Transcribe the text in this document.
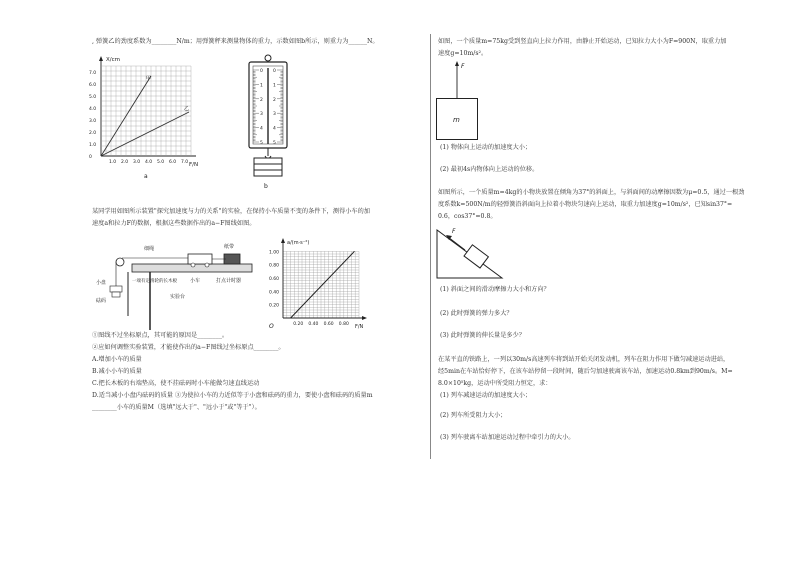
, 弹簧乙的劲度系数为________N/m；用弹簧秤来测量物体的重力，示数如图b所示，则重力为______N。
X/cm
7.0
6.0
5.0
4.0
3.0
2.0
1.0
0
1.0 2.0 3.0 4.0 5.0 6.0 7.0
甲
乙
F/N
a
0 0
1 1
2 2
3 3
4 4
5 5
b
某同学用如图所示装置"探究加速度与力的关系"的实验，在保持小车质量不变的条件下，测得小车的加
速度a和拉力F的数据，根据这些数据作出的a−F图线如图。
细绳	纸带
小车
小盘
砝码
一端有定滑轮的长木板
实验台
打点计时器
a/(m·s⁻²)
0.20
0.40
0.60
0.80
1.00
0.20 0.40 0.60 0.80
O	F/N
①图线不过坐标原点，其可能的原因是________。
②应如何调整实验装置，才能使作出的a−F图线过坐标原点________。
A.增加小车的质量
B.减小小车的质量
C.把长木板的右端垫高，使不挂砝码时小车能做匀速直线运动
D.适当减小小盘内砝码的质量 ③为使拉小车的力近似等于小盘和砝码的重力，要使小盘和砝码的质量m
________小车的质量M（选填"远大于"、"远小于"或"等于"）。
如图，一个质量m=75kg受到竖直向上拉力作用，由静止开始运动，已知拉力大小为F=900N，取重力加
速度g=10m/s²。
F
m
(1) 物体向上运动的加速度大小；
(2) 最初4s内物体向上运动的位移。
如图所示，一个质量m=4kg的小物块放置在倾角为37°的斜面上，与斜面间的动摩擦因数为μ=0.5，通过一根劲
度系数k=500N/m的轻弹簧沿斜面向上拉着小物块匀速向上运动，取重力加速度g=10m/s²，已知sin37°=
0.6，cos37°=0.8。
F
(1) 斜面之间的滑动摩擦力大小和方向？
(2) 此时弹簧的弹力多大？
(3) 此时弹簧的伸长量是多少？
在某平直的铁路上，一列以30m/s高速列车将到站开始关闭发动机，列车在阻力作用下做匀减速运动进站，
经5min在车站恰好停下，在该车站停留一段时间，随后匀加速驶离该车站，加速运动0.8km到90m/s。M=
8.0×10⁵kg，运动中所受阻力恒定，求：
(1) 列车减速运动的加速度大小；
(2) 列车所受阻力大小；
(3) 列车驶离车站加速运动过程中牵引力的大小。
